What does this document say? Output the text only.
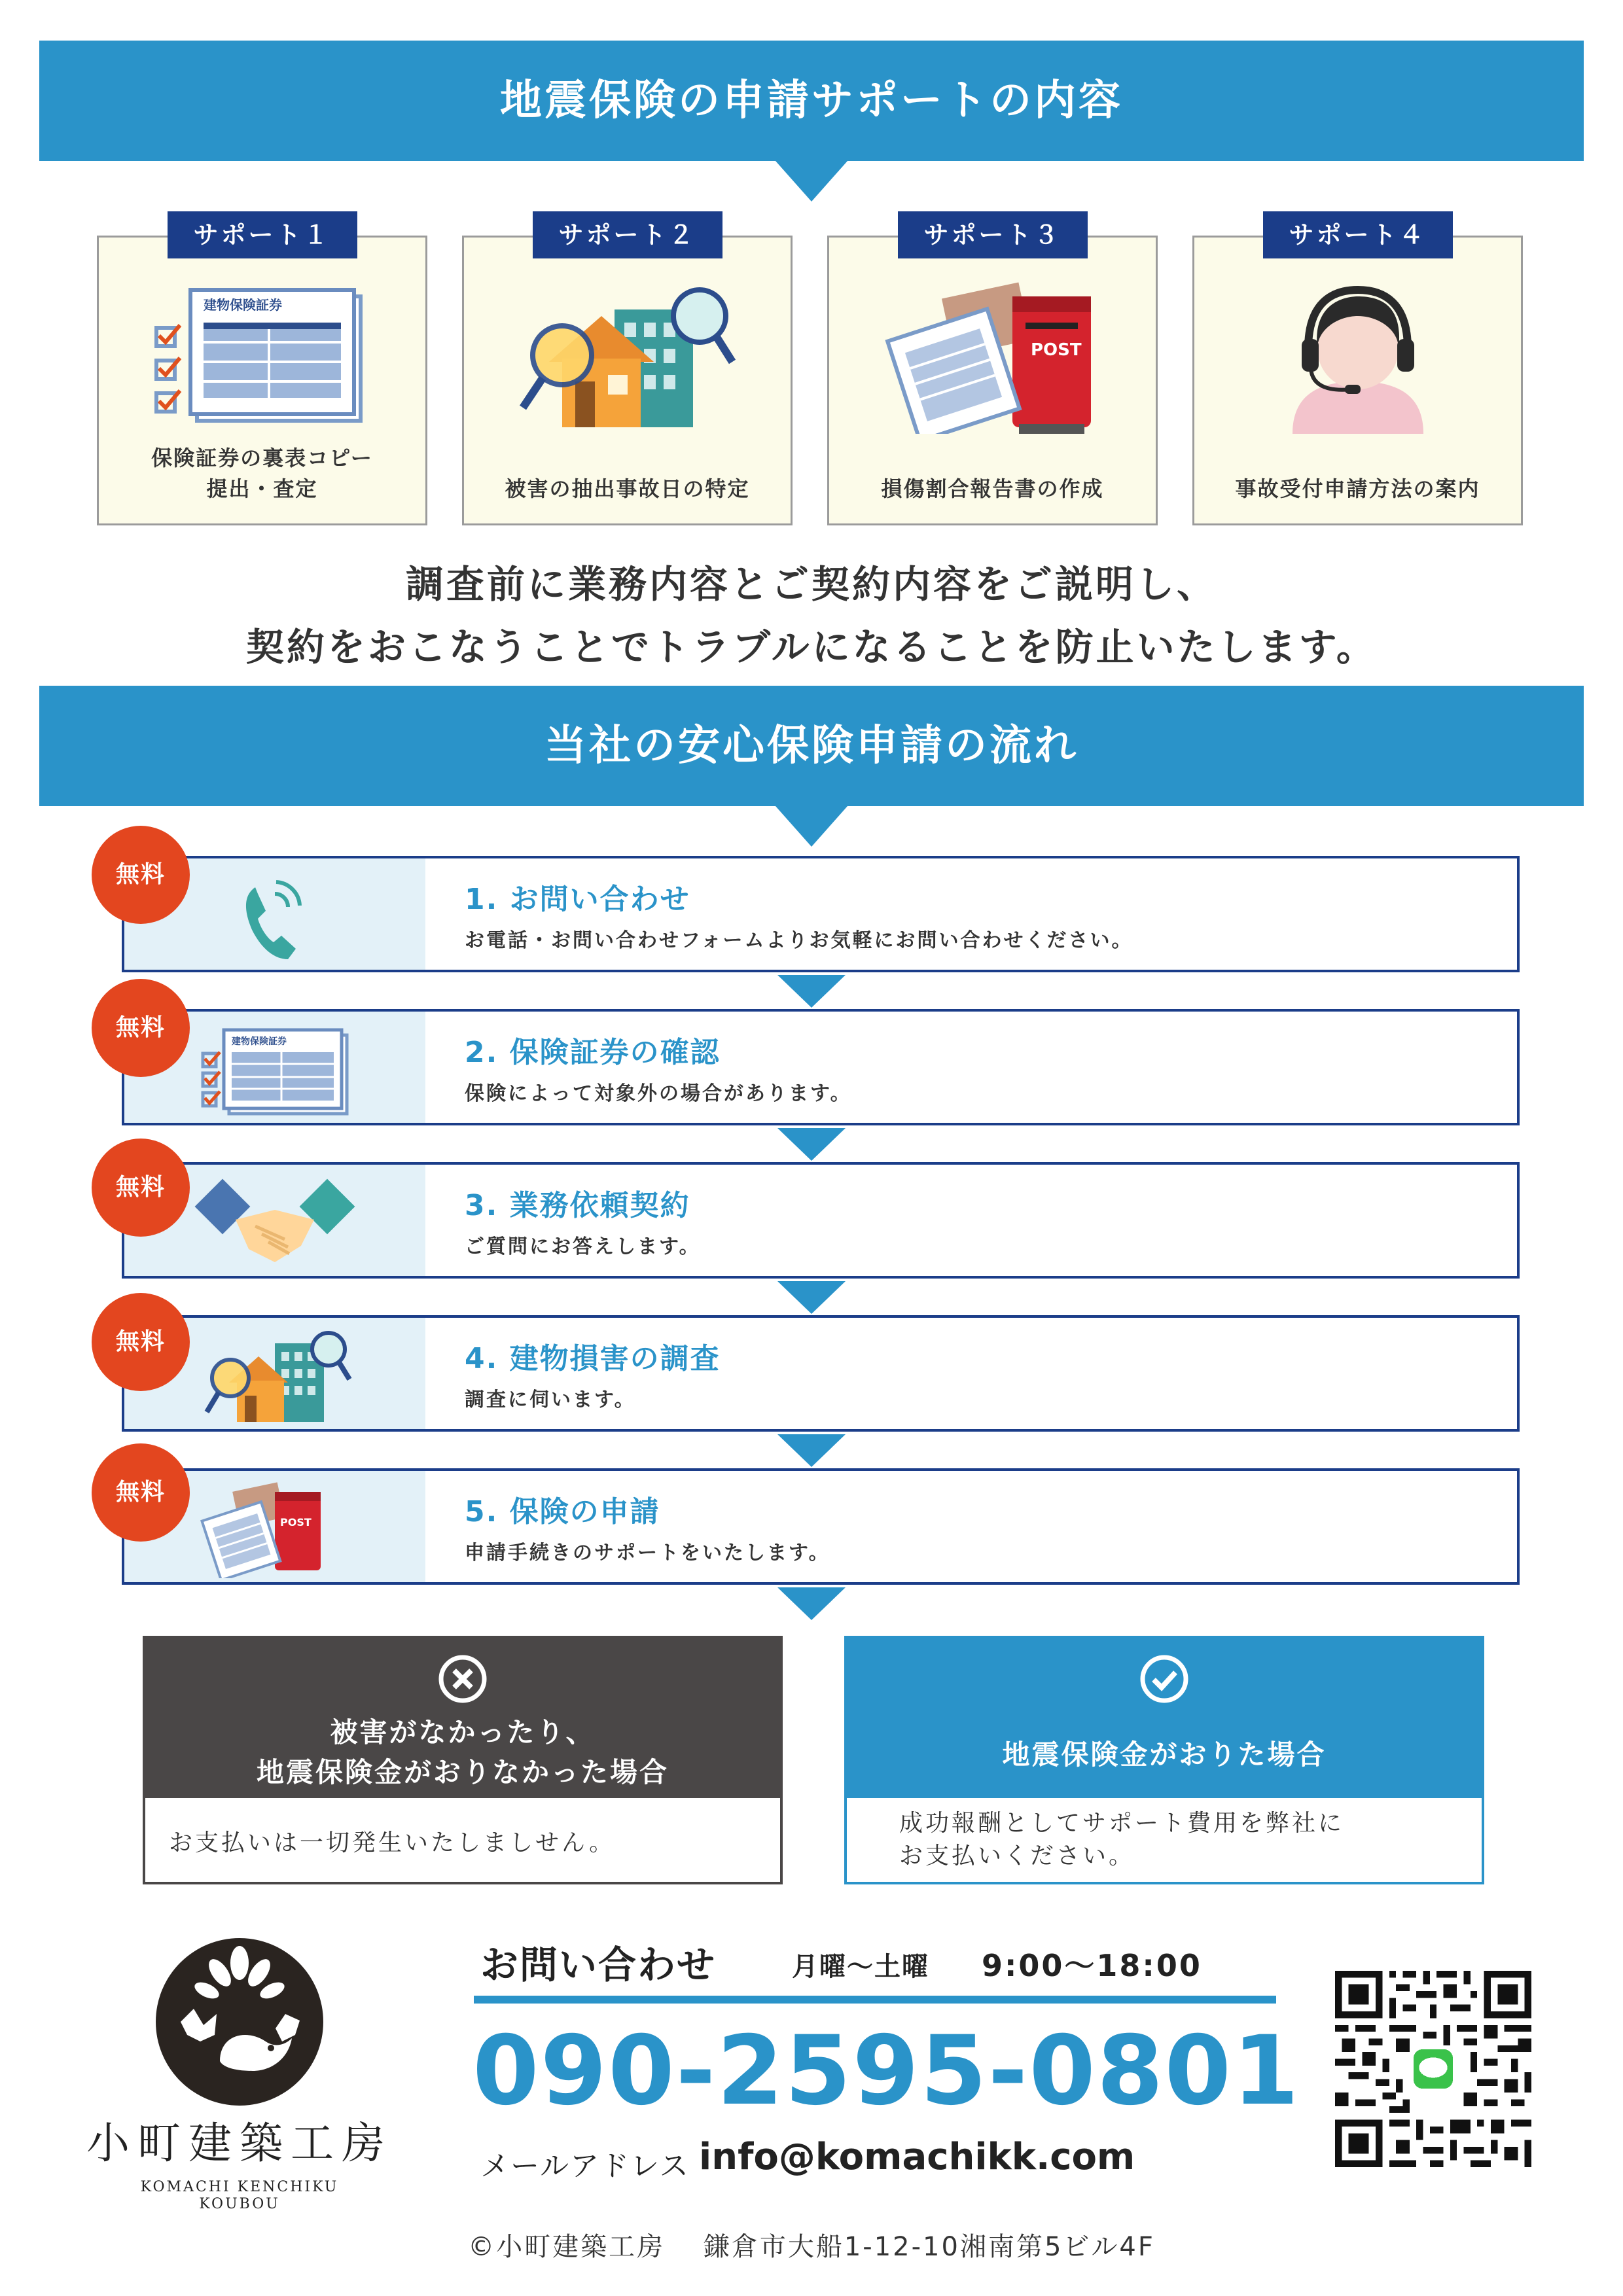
地震保険の申請サポートの内容
サポート１
建物保険証券
保険証券の裏表コピー
提出・査定
サポート２
被害の抽出事故日の特定
サポート３
POST
損傷割合報告書の作成
サポート４
事故受付申請方法の案内
調査前に業務内容とご契約内容をご説明し、
契約をおこなうことでトラブルになることを防止いたします。
当社の安心保険申請の流れ
1. お問い合わせ
お電話・お問い合わせフォームよりお気軽にお問い合わせください。
無料
建物保険証券	2. 保険証券の確認
保険によって対象外の場合があります。
無料
3. 業務依頼契約
ご質問にお答えします。
無料
4. 建物損害の調査
調査に伺います。
無料
POST	5. 保険の申請
申請手続きのサポートをいたします。
無料
被害がなかったり、
地震保険金がおりなかった場合
お支払いは一切発生いたしましせん。
地震保険金がおりた場合
成功報酬としてサポート費用を弊社に
お支払いください。
小町建築工房
KOMACHI KENCHIKU
KOUBOU
お問い合わせ	月曜～土曜 9:00～18:00
090-2595-0801
メールアドレス info@komachikk.com
©小町建築工房　 鎌倉市大船1-12-10湘南第5ビル4F
